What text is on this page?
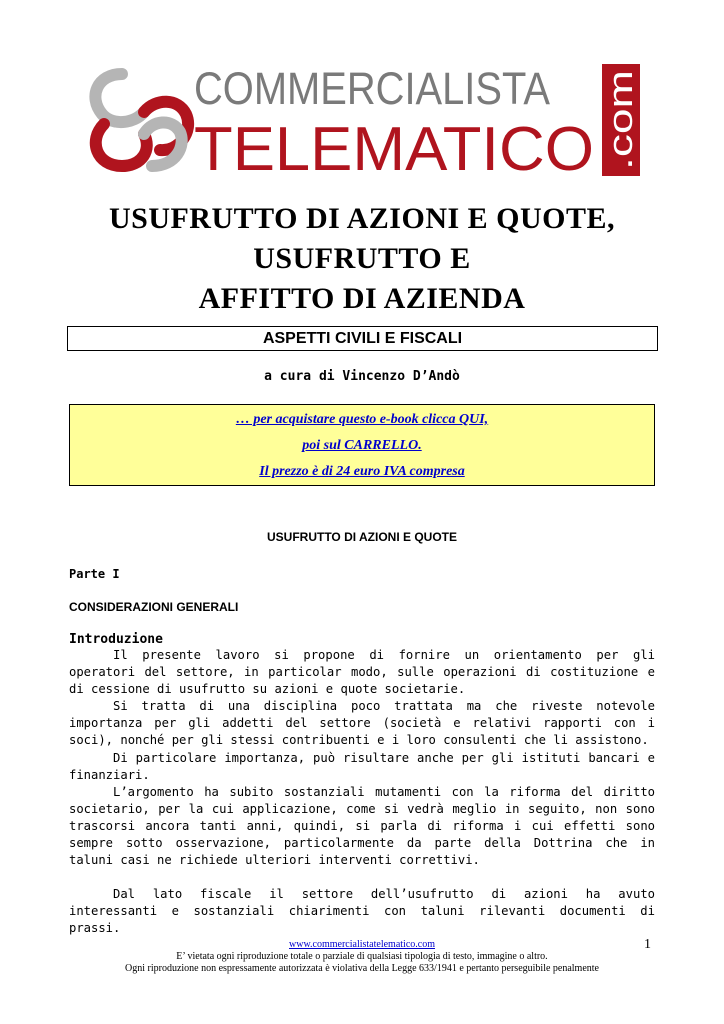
COMMERCIALISTA
TELEMATICO .com
USUFRUTTO DI AZIONI E QUOTE,
USUFRUTTO E
AFFITTO DI AZIENDA
ASPETTI CIVILI E FISCALI
a cura di Vincenzo D’Andò
… per acquistare questo e-book clicca QUI,
poi sul CARRELLO.
Il prezzo è di 24 euro IVA compresa
USUFRUTTO DI AZIONI E QUOTE
Parte I
CONSIDERAZIONI GENERALI
Introduzione

Il presente lavoro si propone di fornire un orientamento per gli operatori del settore, in particolar modo, sulle operazioni di costituzione e di cessione di usufrutto su azioni e quote societarie.

Si tratta di una disciplina poco trattata ma che riveste notevole importanza per gli addetti del settore (società e relativi rapporti con i soci), nonché per gli stessi contribuenti e i loro consulenti che li assistono.

Di particolare importanza, può risultare anche per gli istituti bancari e finanziari.

L’argomento ha subito sostanziali mutamenti con la riforma del diritto societario, per la cui applicazione, come si vedrà meglio in seguito, non sono trascorsi ancora tanti anni, quindi, si parla di riforma i cui effetti sono sempre sotto osservazione, particolarmente da parte della Dottrina che in taluni casi ne richiede ulteriori interventi correttivi.

Dal lato fiscale il settore dell’usufrutto di azioni ha avuto interessanti e sostanziali chiarimenti con taluni rilevanti documenti di prassi.

www.commercialistatelematico.com
E’ vietata ogni riproduzione totale o parziale di qualsiasi tipologia di testo, immagine o altro.
Ogni riproduzione non espressamente autorizzata è violativa della Legge 633/1941 e pertanto perseguibile penalmente
1
